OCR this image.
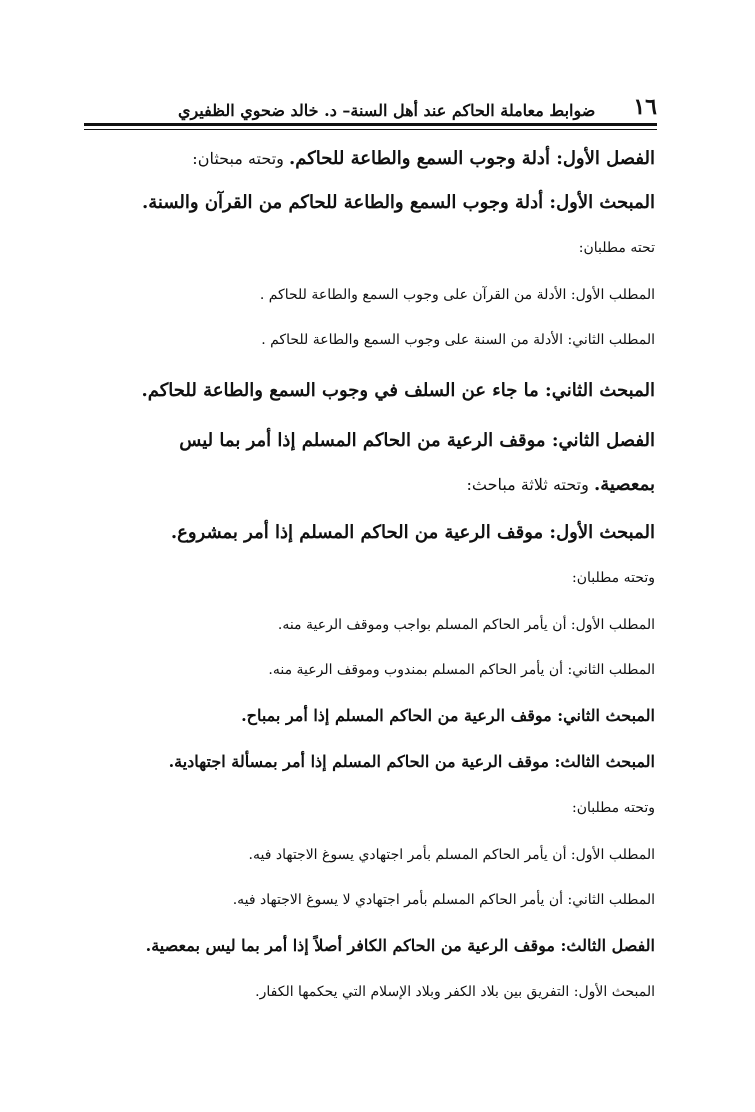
١٦
ضوابط معاملة الحاكم عند أهل السنة– د. خالد ضحوي الظفيري
الفصل الأول: أدلة وجوب السمع والطاعة للحاكم. وتحته مبحثان:
المبحث الأول: أدلة وجوب السمع والطاعة للحاكم من القرآن والسنة.
تحته مطلبان:
المطلب الأول: الأدلة من القرآن على وجوب السمع والطاعة للحاكم .
المطلب الثاني: الأدلة من السنة على وجوب السمع والطاعة للحاكم .
المبحث الثاني: ما جاء عن السلف في وجوب السمع والطاعة للحاكم.
الفصل الثاني: موقف الرعية من الحاكم المسلم إذا أمر بما ليس
بمعصية. وتحته ثلاثة مباحث:
المبحث الأول: موقف الرعية من الحاكم المسلم إذا أمر بمشروع.
وتحته مطلبان:
المطلب الأول: أن يأمر الحاكم المسلم بواجب وموقف الرعية منه.
المطلب الثاني: أن يأمر الحاكم المسلم بمندوب وموقف الرعية منه.
المبحث الثاني: موقف الرعية من الحاكم المسلم إذا أمر بمباح.
المبحث الثالث: موقف الرعية من الحاكم المسلم إذا أمر بمسألة اجتهادية.
وتحته مطلبان:
المطلب الأول: أن يأمر الحاكم المسلم بأمر اجتهادي يسوغ الاجتهاد فيه.
المطلب الثاني: أن يأمر الحاكم المسلم بأمر اجتهادي لا يسوغ الاجتهاد فيه.
الفصل الثالث: موقف الرعية من الحاكم الكافر أصلاً إذا أمر بما ليس بمعصية.
المبحث الأول: التفريق بين بلاد الكفر وبلاد الإسلام التي يحكمها الكفار.
